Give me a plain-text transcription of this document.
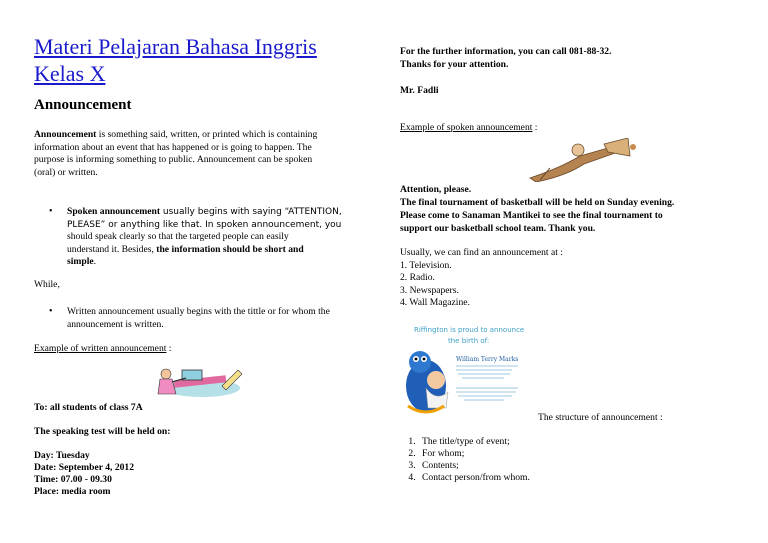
Materi Pelajaran Bahasa Inggris
Kelas X
Announcement
Announcement is something said, written, or printed which is containing
information about an event that has happened or is going to happen. The
purpose is informing something to public. Announcement can be spoken
(oral) or written.
• Spoken announcement usually begins with saying “ATTENTION,
PLEASE” or anything like that. In spoken announcement, you
should speak clearly so that the targeted people can easily
understand it. Besides, the information should be short and
simple.
While,
• Written announcement usually begins with the tittle or for whom the
announcement is written.
Example of written announcement :
To: all students of class 7A
The speaking test will be held on:
Day: Tuesday
Date: September 4, 2012
Time: 07.00 - 09.30
Place: media room
For the further information, you can call 081-88-32.
Thanks for your attention.
Mr. Fadli
Example of spoken announcement :
Attention, please.
The final tournament of basketball will be held on Sunday evening.
Please come to Sanaman Mantikei to see the final tournament to
support our basketball school team. Thank you.
Usually, we can find an announcement at :
1. Television.
2. Radio.
3. Newspapers.
4. Wall Magazine.
Riffington is proud to announce
the birth of:
William Terry Marks
The structure of announcement :
1. The title/type of event;
2. For whom;
3. Contents;
4. Contact person/from whom.
